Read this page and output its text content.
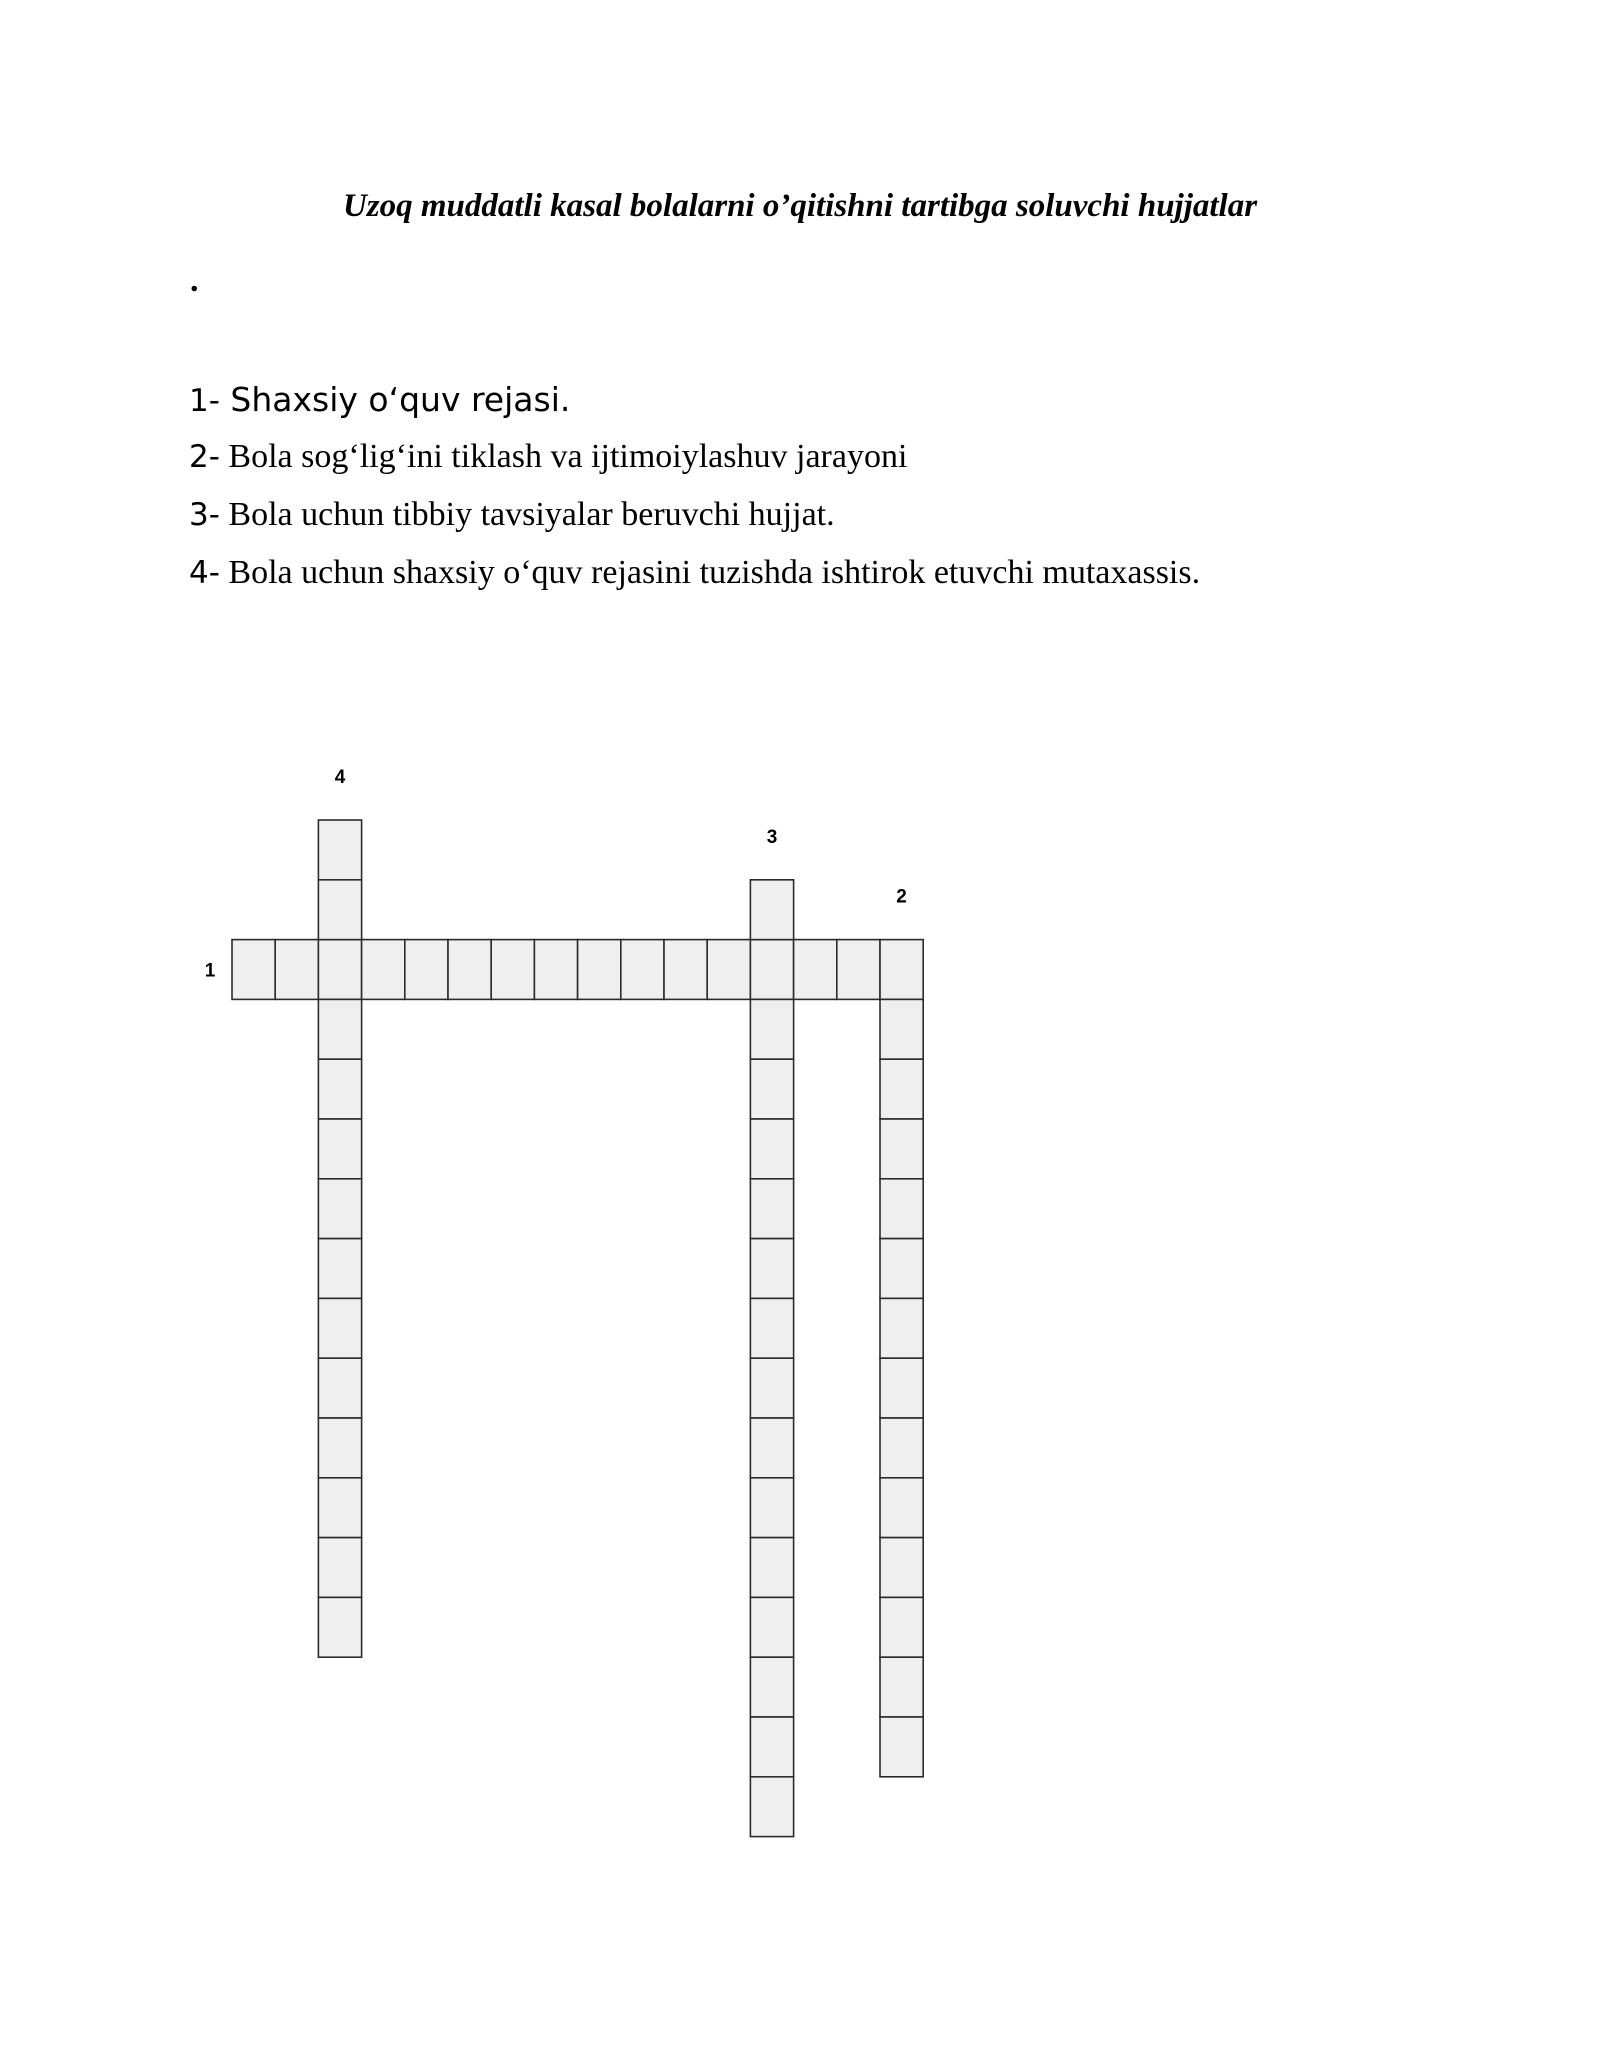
Uzoq muddatli kasal bolalarni o’qitishni tartibga soluvchi hujjatlar
.
1- Shaxsiy oʻquv rejasi.
2- Bola sogʻligʻini tiklash va ijtimoiylashuv jarayoni
3- Bola uchun tibbiy tavsiyalar beruvchi hujjat.
4- Bola uchun shaxsiy oʻquv rejasini tuzishda ishtirok etuvchi mutaxassis.
1
2
3
4
